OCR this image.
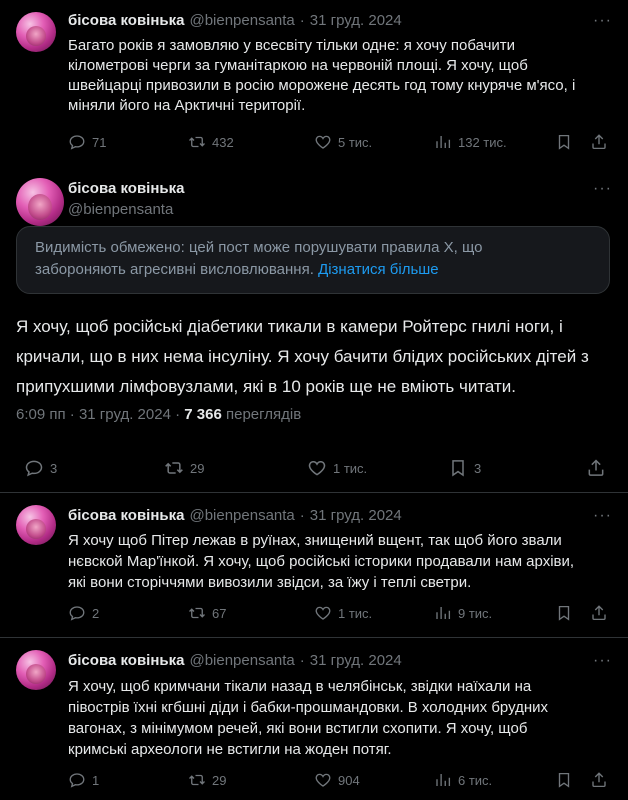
бісова ковінька @bienpensanta · 31 груд. 2024	···
Багато років я замовляю у всесвіту тільки одне: я хочу побачити
кілометрові черги за гуманітаркою на червоній площі. Я хочу, щоб
швейцарці привозили в росію морожене десять год тому кнуряче м'ясо, і
міняли його на Арктичні території.
71	432	5 тис.	132 тис.
бісова ковінька
@bienpensanta
···
Видимість обмежено: цей пост може порушувати правила X, що
забороняють агресивні висловлювання. Дізнатися більше
Я хочу, щоб російські діабетики тикали в камери Ройтерс гнилі ноги, і
кричали, що в них нема інсуліну. Я хочу бачити блідих російських дітей з
припухшими лімфовузлами, які в 10 років ще не вміють читати.
6:09 пп · 31 груд. 2024 · 7 366 переглядів
3	29	1 тис.	3
бісова ковінька @bienpensanta · 31 груд. 2024	···
Я хочу щоб Пітер лежав в руїнах, знищений вщент, так щоб його звали
нєвской Мар'їнкой. Я хочу, щоб російські історики продавали нам архіви,
які вони сторіччями вивозили звідси, за їжу і теплі светри.
2	67	1 тис.	9 тис.
бісова ковінька @bienpensanta · 31 груд. 2024	···
Я хочу, щоб кримчани тікали назад в челябінськ, звідки наїхали на
півострів їхні кгбшні діди і бабки-прошмандовки. В холодних брудних
вагонах, з мінімумом речей, які вони встигли схопити. Я хочу, щоб
кримські археологи не встигли на жоден потяг.
1	29	904	6 тис.
